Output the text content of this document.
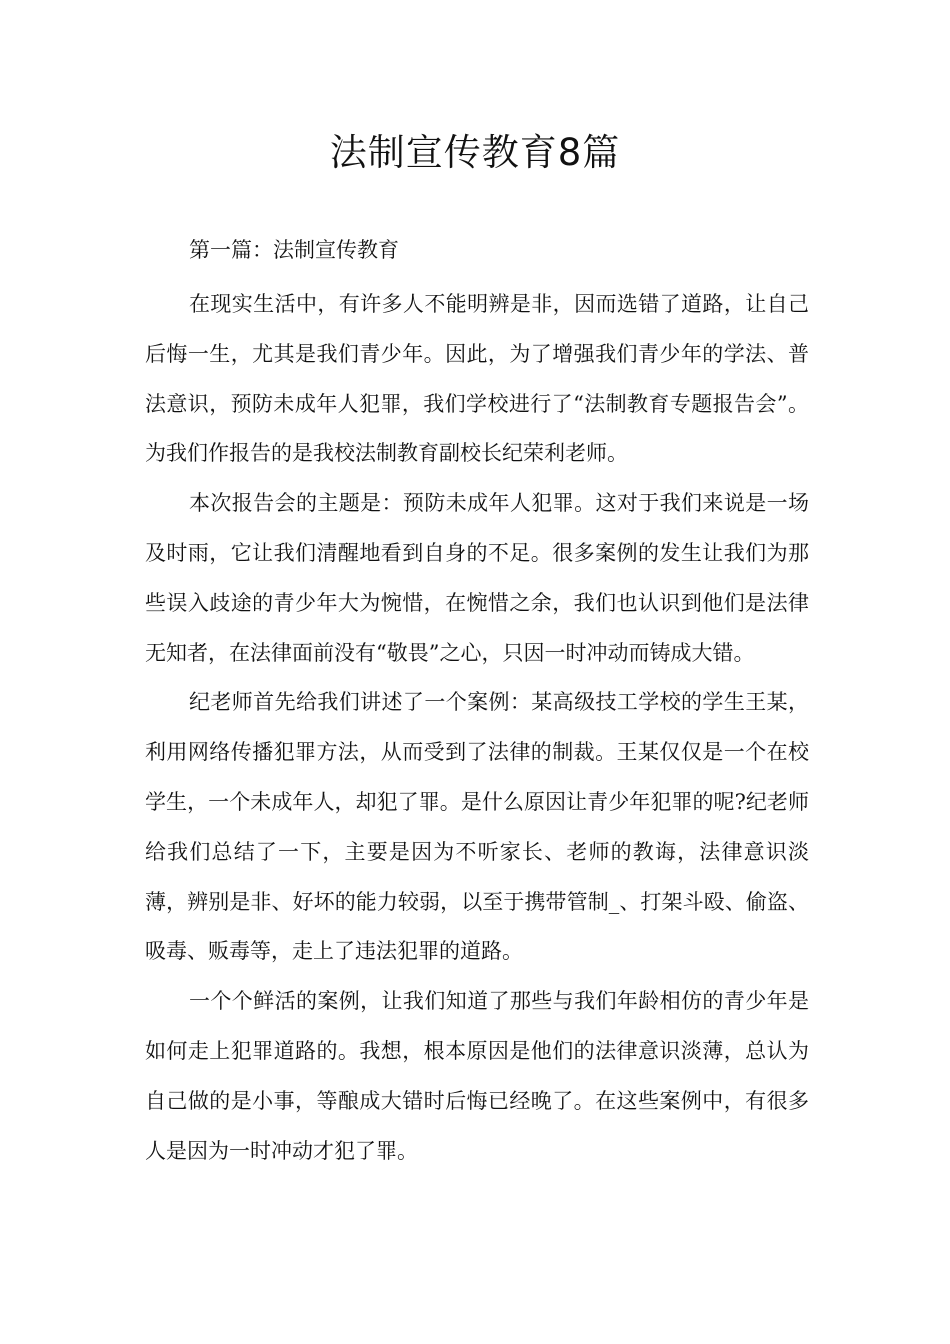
法制宣传教育8篇

第一篇：法制宣传教育

在现实生活中，有许多人不能明辨是非，因而选错了道路，让自己后悔一生，尤其是我们青少年。因此，为了增强我们青少年的学法、普法意识，预防未成年人犯罪，我们学校进行了“法制教育专题报告会”。为我们作报告的是我校法制教育副校长纪荣利老师。

本次报告会的主题是：预防未成年人犯罪。这对于我们来说是一场及时雨，它让我们清醒地看到自身的不足。很多案例的发生让我们为那些误入歧途的青少年大为惋惜，在惋惜之余，我们也认识到他们是法律无知者，在法律面前没有“敬畏”之心，只因一时冲动而铸成大错。

纪老师首先给我们讲述了一个案例：某高级技工学校的学生王某，利用网络传播犯罪方法，从而受到了法律的制裁。王某仅仅是一个在校学生，一个未成年人，却犯了罪。是什么原因让青少年犯罪的呢?纪老师给我们总结了一下，主要是因为不听家长、老师的教诲，法律意识淡薄，辨别是非、好坏的能力较弱，以至于携带管制_、打架斗殴、偷盗、吸毒、贩毒等，走上了违法犯罪的道路。

一个个鲜活的案例，让我们知道了那些与我们年龄相仿的青少年是如何走上犯罪道路的。我想，根本原因是他们的法律意识淡薄，总认为自己做的是小事，等酿成大错时后悔已经晚了。在这些案例中，有很多人是因为一时冲动才犯了罪。
